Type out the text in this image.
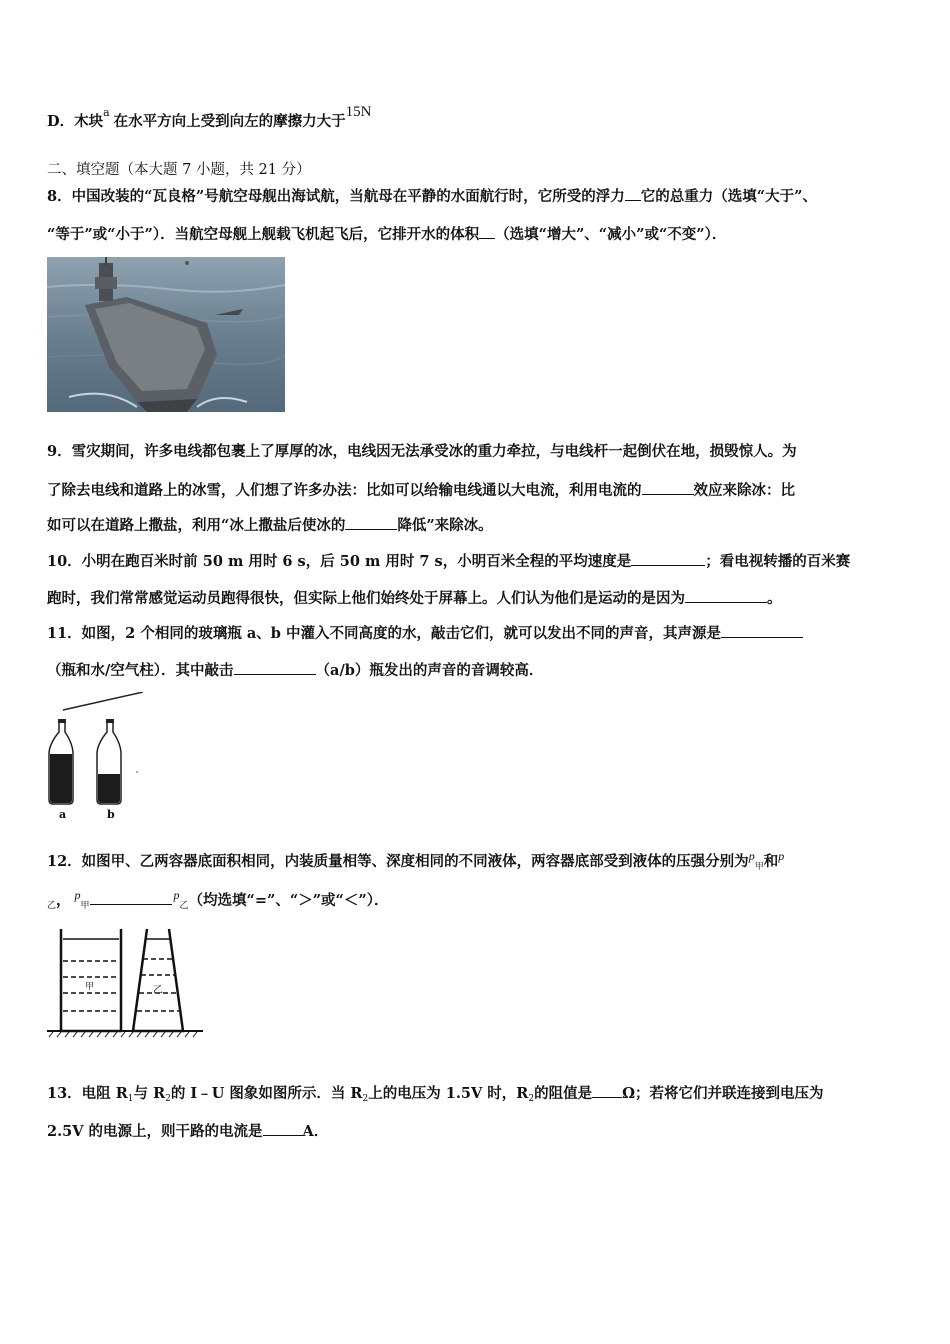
D．木块$^a$在水平方向上受到向左的摩擦力大于15N
二、填空题（本大题 7 小题，共 21 分）
8．中国改装的“瓦良格”号航空母舰出海试航，当航母在平静的水面航行时，它所受的浮力 它的总重力（选填“大于”、
“等于”或“小于”）．当航空母舰上舰载飞机起飞后，它排开水的体积 （选填“增大”、“减小”或“不变”）．
9．雪灾期间，许多电线都包裹上了厚厚的冰，电线因无法承受冰的重力牵拉，与电线杆一起倒伏在地，损毁惊人。为
了除去电线和道路上的冰雪，人们想了许多办法：比如可以给输电线通以大电流，利用电流的	效应来除冰：比
如可以在道路上撒盐，利用“冰上撒盐后使冰的	降低”来除冰。
10．小明在跑百米时前 50 m 用时 6 s，后 50 m 用时 7 s，小明百米全程的平均速度是	；看电视转播的百米赛
跑时，我们常常感觉运动员跑得很快，但实际上他们始终处于屏幕上。人们认为他们是运动的是因为	。
11．如图，2 个相同的玻璃瓶 a、b 中灌入不同高度的水，敲击它们，就可以发出不同的声音，其声源是
（瓶和水/空气柱）．其中敲击	（a/b）瓶发出的声音的音调较高．
a	b
12．如图甲、乙两容器底面积相同，内装质量相等、深度相同的不同液体，两容器底部受到液体的压强分别为$^p_甲$和$^p$
$_乙$， $^p_甲^p_乙$（均选填“=”、“＞”或“＜”）．
甲	乙
13．电阻 $R_1$与 $R_2$的 I﹣U 图象如图所示．当 $R_2$上的电压为 1.5V 时，$R_2$的阻值是 Ω；若将它们并联连接到电压为
2.5V 的电源上，则干路的电流是	A．
